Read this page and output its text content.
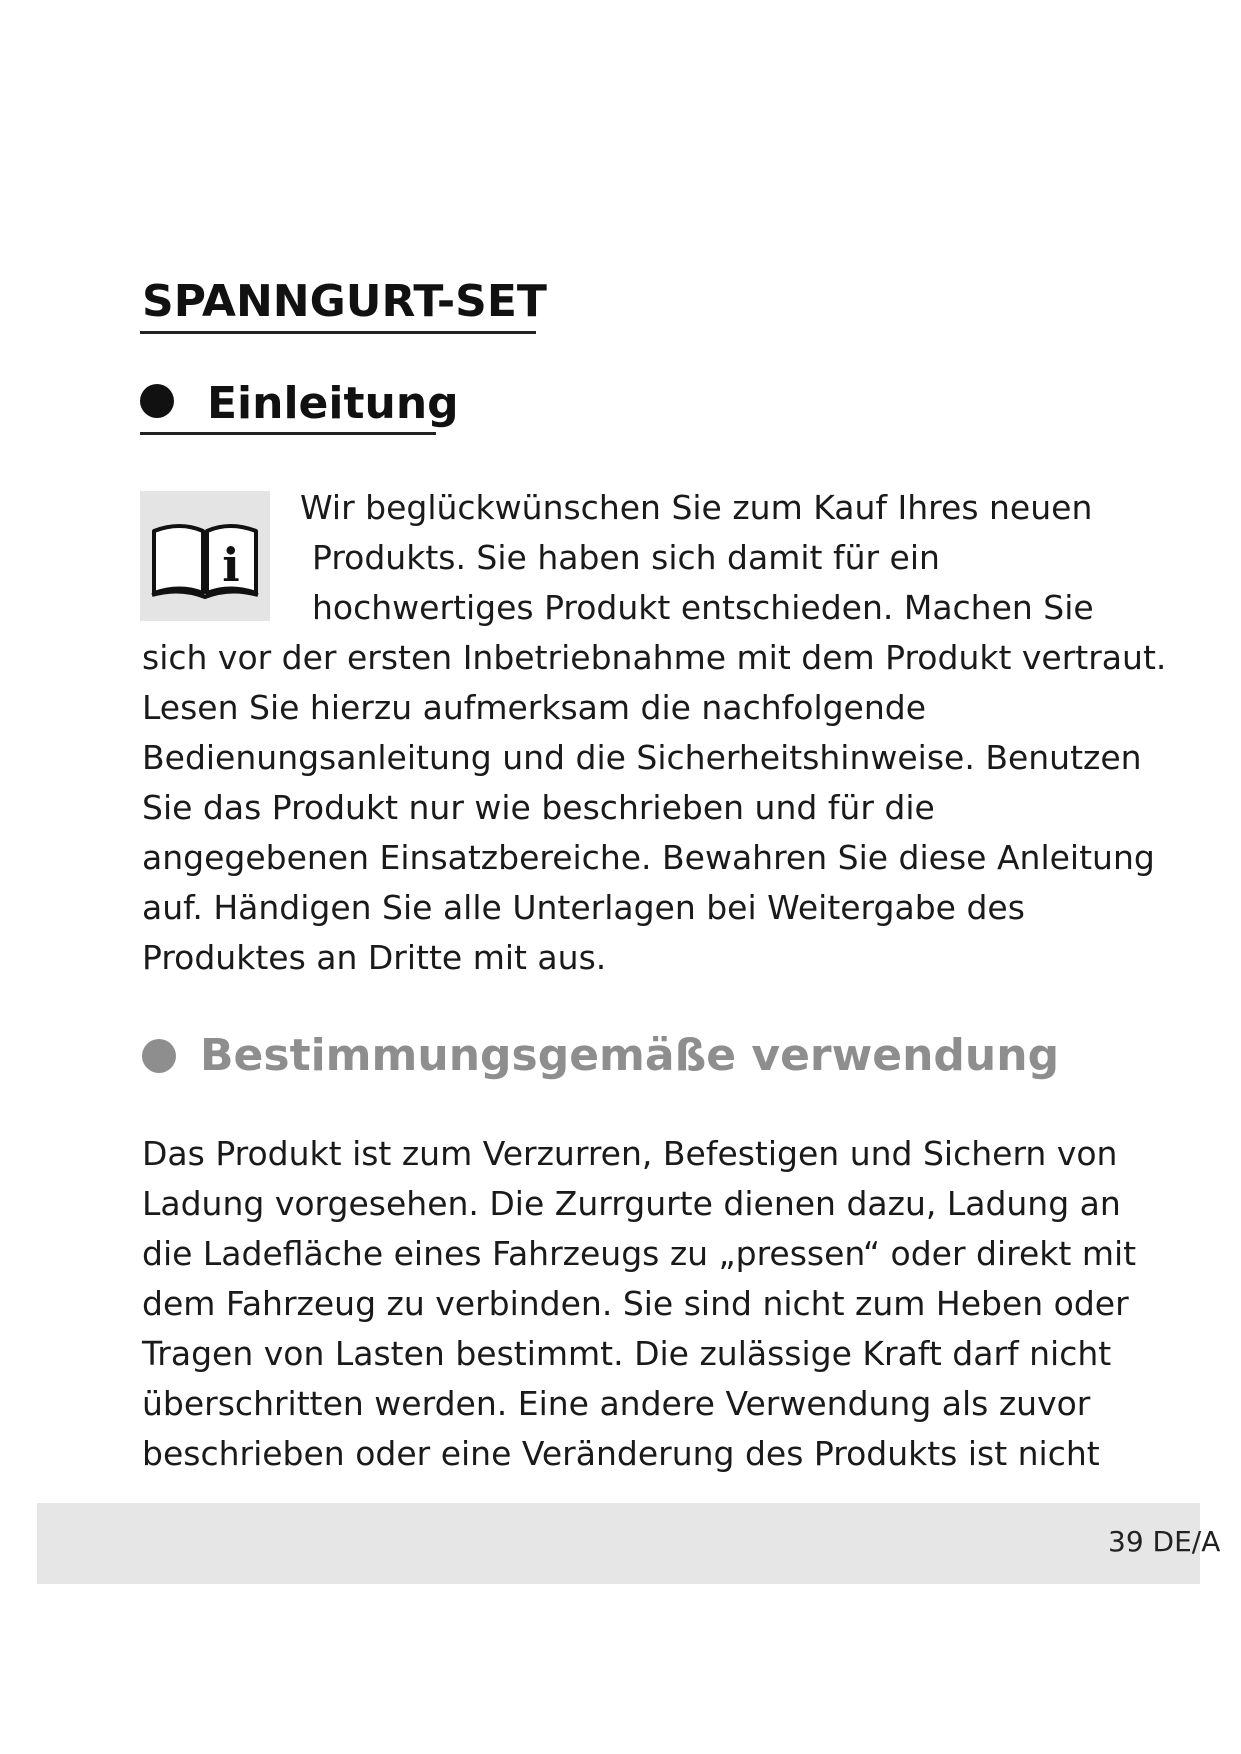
SPANNGURT-SET
Einleitung
i

Wir beglückwünschen Sie zum Kauf Ihres neuen
Produkts. Sie haben sich damit für ein
hochwertiges Produkt entschieden. Machen Sie
sich vor der ersten Inbetriebnahme mit dem Produkt vertraut.
Lesen Sie hierzu aufmerksam die nachfolgende
Bedienungsanleitung und die Sicherheitshinweise. Benutzen
Sie das Produkt nur wie beschrieben und für die
angegebenen Einsatzbereiche. Bewahren Sie diese Anleitung
auf. Händigen Sie alle Unterlagen bei Weitergabe des
Produktes an Dritte mit aus.

Bestimmungsgemäße verwendung

Das Produkt ist zum Verzurren, Befestigen und Sichern von
Ladung vorgesehen. Die Zurrgurte dienen dazu, Ladung an
die Ladefläche eines Fahrzeugs zu „pressen“ oder direkt mit
dem Fahrzeug zu verbinden. Sie sind nicht zum Heben oder
Tragen von Lasten bestimmt. Die zulässige Kraft darf nicht
überschritten werden. Eine andere Verwendung als zuvor
beschrieben oder eine Veränderung des Produkts ist nicht

39 DE/A
